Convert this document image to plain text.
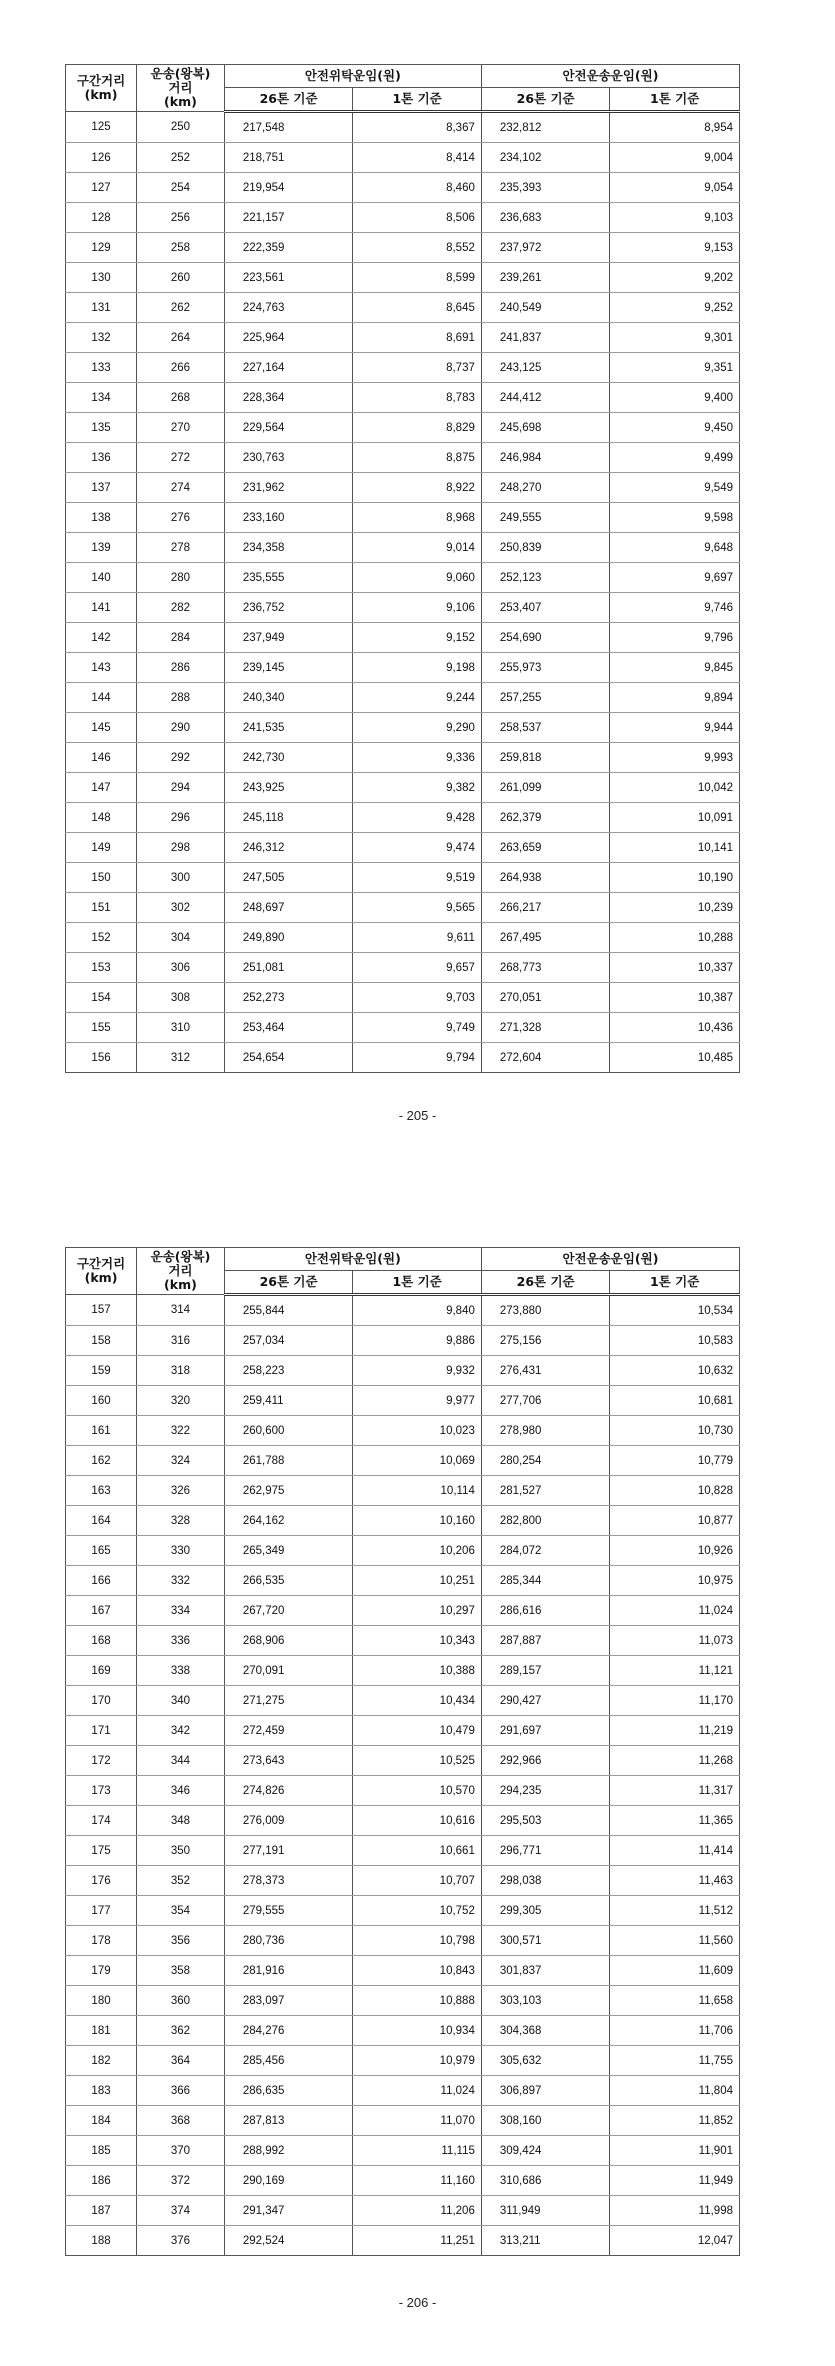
구간거리
(km)	운송(왕복)
거리
(km)	안전위탁운임(원)		안전운송운임(원)	
		26톤 기준	1톤 기준	26톤 기준	1톤 기준
125	250	217,548	8,367	232,812	8,954
126	252	218,751	8,414	234,102	9,004
127	254	219,954	8,460	235,393	9,054
128	256	221,157	8,506	236,683	9,103
129	258	222,359	8,552	237,972	9,153
130	260	223,561	8,599	239,261	9,202
131	262	224,763	8,645	240,549	9,252
132	264	225,964	8,691	241,837	9,301
133	266	227,164	8,737	243,125	9,351
134	268	228,364	8,783	244,412	9,400
135	270	229,564	8,829	245,698	9,450
136	272	230,763	8,875	246,984	9,499
137	274	231,962	8,922	248,270	9,549
138	276	233,160	8,968	249,555	9,598
139	278	234,358	9,014	250,839	9,648
140	280	235,555	9,060	252,123	9,697
141	282	236,752	9,106	253,407	9,746
142	284	237,949	9,152	254,690	9,796
143	286	239,145	9,198	255,973	9,845
144	288	240,340	9,244	257,255	9,894
145	290	241,535	9,290	258,537	9,944
146	292	242,730	9,336	259,818	9,993
147	294	243,925	9,382	261,099	10,042
148	296	245,118	9,428	262,379	10,091
149	298	246,312	9,474	263,659	10,141
150	300	247,505	9,519	264,938	10,190
151	302	248,697	9,565	266,217	10,239
152	304	249,890	9,611	267,495	10,288
153	306	251,081	9,657	268,773	10,337
154	308	252,273	9,703	270,051	10,387
155	310	253,464	9,749	271,328	10,436
156	312	254,654	9,794	272,604	10,485
- 205 -
구간거리
(km)	운송(왕복)
거리
(km)	안전위탁운임(원)		안전운송운임(원)	
		26톤 기준	1톤 기준	26톤 기준	1톤 기준
157	314	255,844	9,840	273,880	10,534
158	316	257,034	9,886	275,156	10,583
159	318	258,223	9,932	276,431	10,632
160	320	259,411	9,977	277,706	10,681
161	322	260,600	10,023	278,980	10,730
162	324	261,788	10,069	280,254	10,779
163	326	262,975	10,114	281,527	10,828
164	328	264,162	10,160	282,800	10,877
165	330	265,349	10,206	284,072	10,926
166	332	266,535	10,251	285,344	10,975
167	334	267,720	10,297	286,616	11,024
168	336	268,906	10,343	287,887	11,073
169	338	270,091	10,388	289,157	11,121
170	340	271,275	10,434	290,427	11,170
171	342	272,459	10,479	291,697	11,219
172	344	273,643	10,525	292,966	11,268
173	346	274,826	10,570	294,235	11,317
174	348	276,009	10,616	295,503	11,365
175	350	277,191	10,661	296,771	11,414
176	352	278,373	10,707	298,038	11,463
177	354	279,555	10,752	299,305	11,512
178	356	280,736	10,798	300,571	11,560
179	358	281,916	10,843	301,837	11,609
180	360	283,097	10,888	303,103	11,658
181	362	284,276	10,934	304,368	11,706
182	364	285,456	10,979	305,632	11,755
183	366	286,635	11,024	306,897	11,804
184	368	287,813	11,070	308,160	11,852
185	370	288,992	11,115	309,424	11,901
186	372	290,169	11,160	310,686	11,949
187	374	291,347	11,206	311,949	11,998
188	376	292,524	11,251	313,211	12,047
- 206 -
